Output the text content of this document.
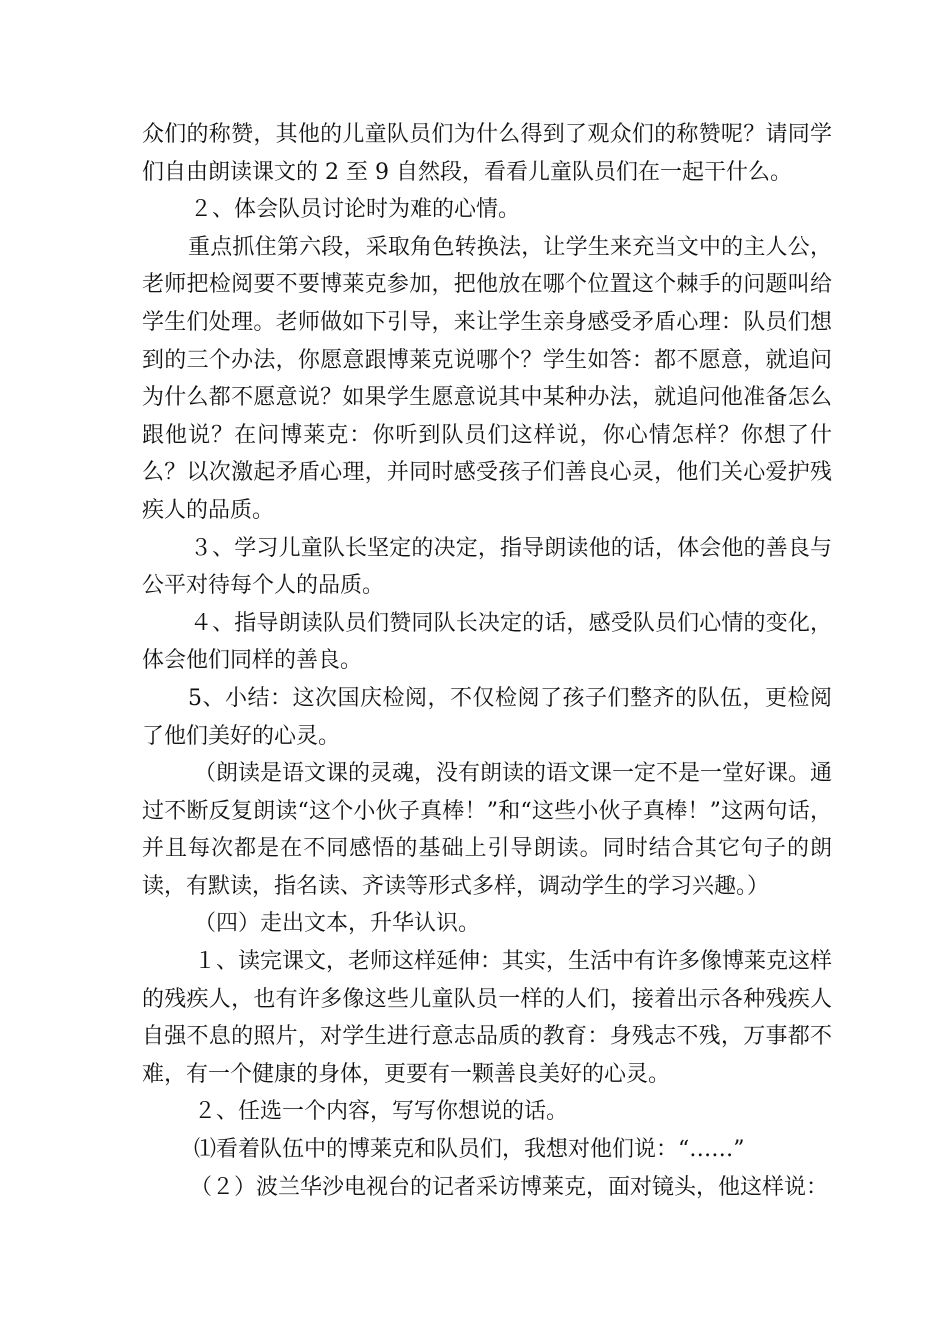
众们的称赞，其他的儿童队员们为什么得到了观众们的称赞呢？请同学们自由朗读课文的 2 至 9 自然段，看看儿童队员们在一起干什么。

２、体会队员讨论时为难的心情。

重点抓住第六段，采取角色转换法，让学生来充当文中的主人公，老师把检阅要不要博莱克参加，把他放在哪个位置这个棘手的问题叫给学生们处理。老师做如下引导，来让学生亲身感受矛盾心理：队员们想到的三个办法，你愿意跟博莱克说哪个？学生如答：都不愿意，就追问为什么都不愿意说？如果学生愿意说其中某种办法，就追问他准备怎么跟他说？在问博莱克：你听到队员们这样说，你心情怎样？你想了什么？以次激起矛盾心理，并同时感受孩子们善良心灵，他们关心爱护残疾人的品质。

３、学习儿童队长坚定的决定，指导朗读他的话，体会他的善良与公平对待每个人的品质。

４、指导朗读队员们赞同队长决定的话，感受队员们心情的变化，体会他们同样的善良。

5、小结：这次国庆检阅，不仅检阅了孩子们整齐的队伍，更检阅了他们美好的心灵。

（朗读是语文课的灵魂，没有朗读的语文课一定不是一堂好课。通过不断反复朗读“这个小伙子真棒！”和“这些小伙子真棒！”这两句话，并且每次都是在不同感悟的基础上引导朗读。同时结合其它句子的朗读，有默读，指名读、齐读等形式多样，调动学生的学习兴趣。）

（四）走出文本，升华认识。

１、读完课文，老师这样延伸：其实，生活中有许多像博莱克这样的残疾人，也有许多像这些儿童队员一样的人们，接着出示各种残疾人自强不息的照片，对学生进行意志品质的教育：身残志不残，万事都不难，有一个健康的身体，更要有一颗善良美好的心灵。

２、任选一个内容，写写你想说的话。

⑴看着队伍中的博莱克和队员们，我想对他们说：“……”

（２）波兰华沙电视台的记者采访博莱克，面对镜头，他这样说：
